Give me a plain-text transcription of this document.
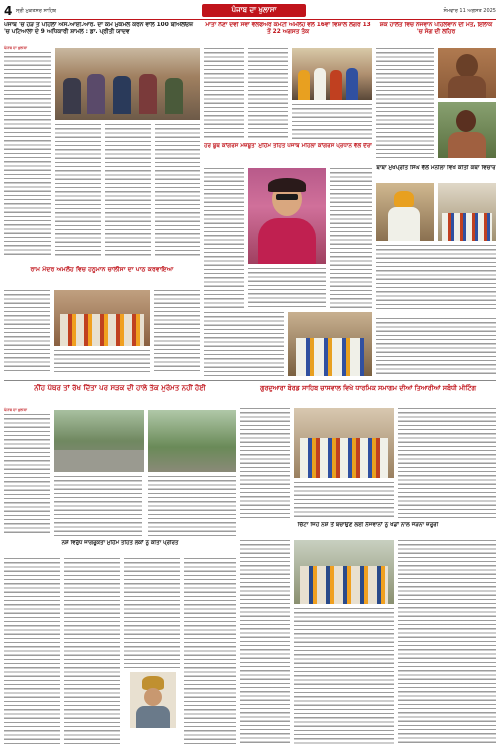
4 ਸ੍ਰੀ ਮੁਕਤਸਰ ਸਾਹਿਬ	ਪੰਜਾਬ ਦਾ ਖੁਲਾਸਾ	ਸੋਮਵਾਰ 11 ਅਗਸਤ 2025
ਪੰਜਾਬ 'ਚ ਹੜ ਤੋਂ ਪਹਿਲਾਂ ਐਸ.ਆਈ.ਆਰ. ਦਾ ਕੰਮ ਮੁਕੰਮਲ ਕਰਨ ਵਾਲੇ 100 ਬੀਐਲਓਜ਼ 'ਚ ਪਟਿਆਲਾ ਦੇ 9 ਅਧਿਕਾਰੀ ਸ਼ਾਮਲ : ਡਾ. ਪ੍ਰੀਤੀ ਯਾਦਵ
ਪੰਜਾਬ ਦਾ ਖੁਲਾਸਾ
ਮਾਤਾ ਨੈਣਾ ਦੇਵੀ ਸੇਵਾ ਵੈਲਫੇਅਰ ਕਮੇਟੀ ਅਮਲੋਹ ਵੱਲੋਂ 16ਵਾਂ ਵਿਸ਼ਾਲ ਲੰਗਰ 13 ਤੋਂ 22 ਅਗਸਤ ਤੱਕ
ਹਰ ਬੂਥ ਕਾਂਗਰਸ ਮਜ਼ਬੂਤ' ਮੁਹਿੰਮ ਤਹਿਤ ਪੰਜਾਬ ਮਹਿਲਾ ਕਾਂਗਰਸ ਪ੍ਰਧਾਨ ਵੱਲੋਂ ਦੌਰਾ
ਸ਼ੱਕ ਹਾਲਤ ਵਿੱਚ ਨੌਜਵਾਨ ਪਹਿਲਵਾਨ ਦੀ ਮੌਤ, ਇਲਾਕੇ 'ਚ ਸੋਗ ਦੀ ਲਹਿਰ
ਬਾਬਾ ਮੁਖਪ੍ਰੀਤ ਸਿੰਘ ਵੱਲੋਂ ਮਨੀਲਾ ਵਿਖੇ ਕੀਤੀ ਕਥਾ ਵਿਚਾਰ
ਰਾਮ ਮੰਦਰ ਅਮਲੋਹ ਵਿਚ ਹਨੂਮਾਨ ਚਾਲੀਸਾ ਦਾ ਪਾਠ ਕਰਵਾਇਆ
ਨੀਂਹ ਪੱਥਰ ਤਾਂ ਰੱਖ ਦਿੱਤਾ ਪਰ ਸੜਕ ਦੀ ਹਾਲੇ ਤੱਕ ਮੁਰੰਮਤ ਨਹੀਂ ਹੋਈ
ਪੰਜਾਬ ਦਾ ਖੁਲਾਸਾ
ਨਸ਼ੇ ਵਿਰੁੱਧ ਜਾਗਰੂਕਤਾ ਮੁਹਿੰਮ ਤਹਿਤ ਲੋਕਾਂ ਨੂੰ ਕੀਤਾ ਪ੍ਰੇਰਿਤ
ਗੁਰਦੁਆਰਾ ਬੋਰਡ ਸਾਹਿਬ ਚਾਸਵਾਲ ਵਿਖੇ ਧਾਰਮਿਕ ਸਮਾਗਮ ਦੀਆਂ ਤਿਆਰੀਆਂ ਸਬੰਧੀ ਮੀਟਿੰਗ
ਚਿੱਟਾ ਜਿਹੇ ਨਸ਼ੇ ਤੋਂ ਬਚਾਉਣ ਲਈ ਨੌਜਵਾਨਾਂ ਨੂੰ ਖੇਡਾਂ ਨਾਲ ਜੋੜਨਾ ਜ਼ਰੂਰੀ
